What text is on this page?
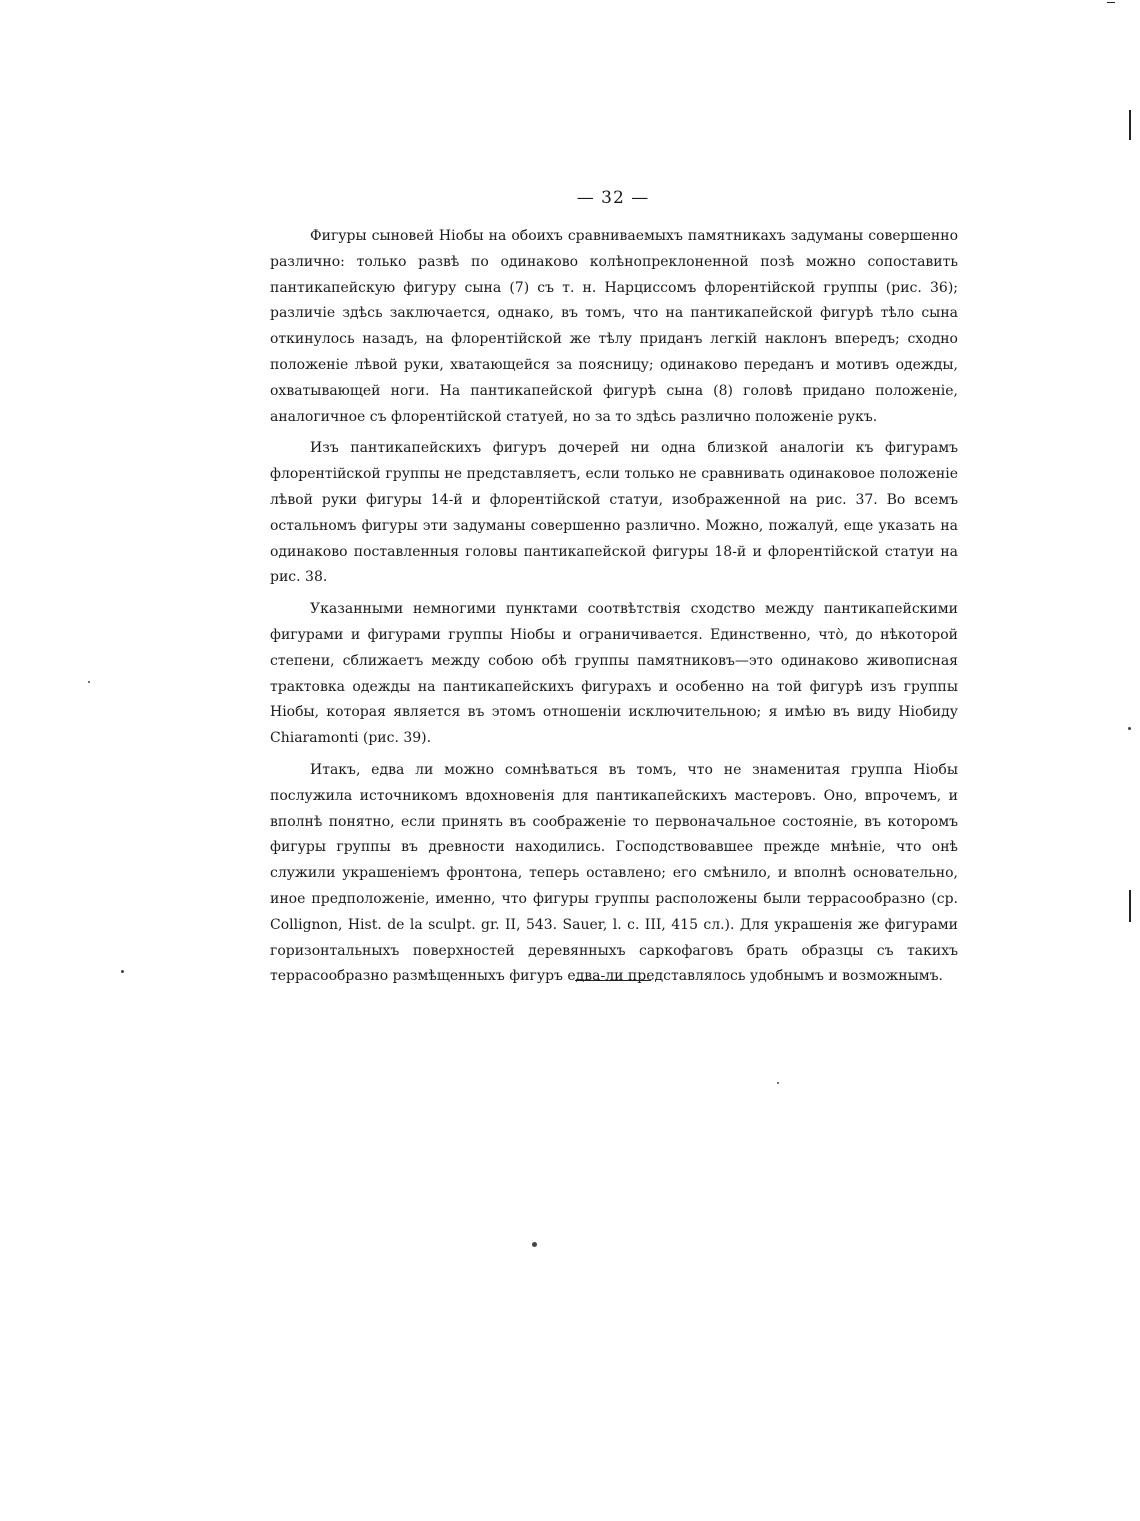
— 32 —

Фигуры сыновей Ніобы на обоихъ сравниваемыхъ памятникахъ задуманы совершенно различно: только развѣ по одинаково колѣнопреклоненной позѣ можно сопоставить пантикапейскую фигуру сына (7) съ т. н. Нарциссомъ флорентійской группы (рис. 36); различіе здѣсь заключается, однако, въ томъ, что на пантикапейской фигурѣ тѣло сына откинулось назадъ, на флорентійской же тѣлу приданъ легкій наклонъ впередъ; сходно положеніе лѣвой руки, хватающейся за поясницу; одинаково переданъ и мотивъ одежды, охватывающей ноги. На пантикапейской фигурѣ сына (8) головѣ придано положеніе, аналогичное съ флорентійской статуей, но за то здѣсь различно положеніе рукъ.

Изъ пантикапейскихъ фигуръ дочерей ни одна близкой аналогіи къ фигурамъ флорентійской группы не представляетъ, если только не сравнивать одинаковое положеніе лѣвой руки фигуры 14-й и флорентійской статуи, изображенной на рис. 37. Во всемъ остальномъ фигуры эти задуманы совершенно различно. Можно, пожалуй, еще указать на одинаково поставленныя головы пантикапейской фигуры 18-й и флорентійской статуи на рис. 38.

Указанными немногими пунктами соотвѣтствія сходство между пантикапейскими фигурами и фигурами группы Ніобы и ограничивается. Единственно, что̀, до нѣкоторой степени, сближаетъ между собою обѣ группы памятниковъ—это одинаково живописная трактовка одежды на пантикапейскихъ фигурахъ и особенно на той фигурѣ изъ группы Ніобы, которая является въ этомъ отношеніи исключительною; я имѣю въ виду Ніобиду Chiaramonti (рис. 39).

Итакъ, едва ли можно сомнѣваться въ томъ, что не знаменитая группа Ніобы послужила источникомъ вдохновенія для пантикапейскихъ мастеровъ. Оно, впрочемъ, и вполнѣ понятно, если принять въ соображеніе то первоначальное состояніе, въ которомъ фигуры группы въ древности находились. Господствовавшее прежде мнѣніе, что онѣ служили украшеніемъ фронтона, теперь оставлено; его смѣнило, и вполнѣ основательно, иное предположеніе, именно, что фигуры группы расположены были террасообразно (ср. Collignon, Hist. de la sculpt. gr. II, 543. Sauer, l. c. III, 415 сл.). Для украшенія же фигурами горизонтальныхъ поверхностей деревянныхъ саркофаговъ брать образцы съ такихъ террасообразно размѣщенныхъ фигуръ едва-ли представлялось удобнымъ и возможнымъ.
